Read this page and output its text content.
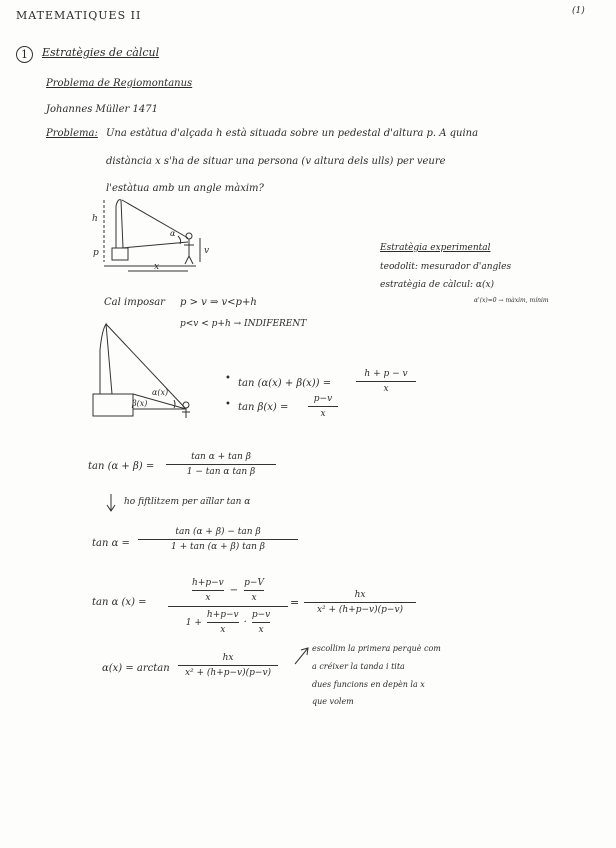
MATEMATIQUES II	(1)
1	Estratègies de càlcul
Problema de Regiomontanus
Johannes Müller 1471
Problema: Una estàtua d'alçada h està situada sobre un pedestal d'altura p. A quina
distància x s'ha de situar una persona (v altura dels ulls) per veure
l'estàtua amb un angle màxim?
h
p
x
v
α
Estratègia experimental
teodolit: mesurador d'angles
estratègia de càlcul: α(x)
α'(x)=0 → màxim, mínim
Cal imposar p > v ⇒ v<p+h
p<v < p+h → INDIFERENT
α(x)
β(x)
• tan (α(x) + β(x)) =
h + p − v
x
• tan β(x) =
p−v
x
tan (α + β) =
tan α + tan β
1 − tan α tan β
ho fiftlitzem per aïllar tan α
tan α =
tan (α + β) − tan β
1 + tan (α + β) tan β
tan α (x) =
h+p−v
x
−
p−V
x
1 +
h+p−v
x
·
p−v
x
=
hx
x² + (h+p−v)(p−v)
α(x) = arctan
hx
x² + (h+p−v)(p−v)
escollim la primera perquè com
a créixer la tanda i tita
dues funcions en depèn la x
que volem
